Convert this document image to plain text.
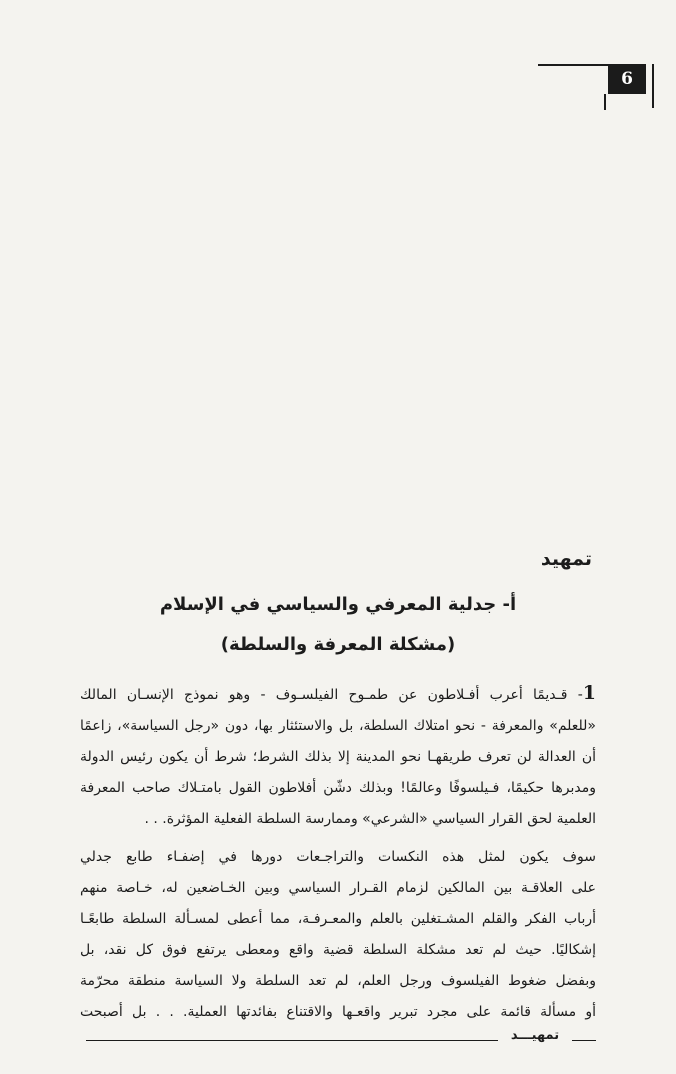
6
تمهيد
أ- جدلية المعرفي والسياسي في الإسلام
(مشكلة المعرفة والسلطة)
1- قـديمًا أعرب أفـلاطون عن طمـوح الفيلسـوف - وهو نموذج الإنسـان المالك
«للعلم» والمعرفة - نحو امتلاك السلطة، بل والاستئثار بها، دون «رجل السياسة»، زاعمًا
أن العدالة لن تعرف طريقهـا نحو المدينة إلا بذلك الشرط؛ شرط أن يكون رئيس الدولة
ومدبرها حكيمًا، فـيلسوفًا وعالمًا! وبذلك دشّن أفلاطون القول بامتـلاك صاحب المعرفة
العلمية لحق القرار السياسي «الشرعي» وممارسة السلطة الفعلية المؤثرة. . .
سوف يكون لمثل هذه النكسات والتراجـعات دورها في إضفـاء طابع جدلي
على العلاقـة بين المالكين لزمام القـرار السياسي وبين الخـاضعين له، خـاصة منهم
أرباب الفكر والقلم المشـتغلين بالعلم والمعـرفـة، مما أعطى لمسـألة السلطة طابعًـا
إشكاليًا. حيث لم تعد مشكلة السلطة قضية واقع ومعطى يرتفع فوق كل نقد، بل
وبفضل ضغوط الفيلسوف ورجل العلم، لم تعد السلطة ولا السياسة منطقة محرّمة
أو مسألة قائمة على مجرد تبرير واقعـها والاقتناع بفائدتها العملية. . . بل أصبحت
تمهيـــد
